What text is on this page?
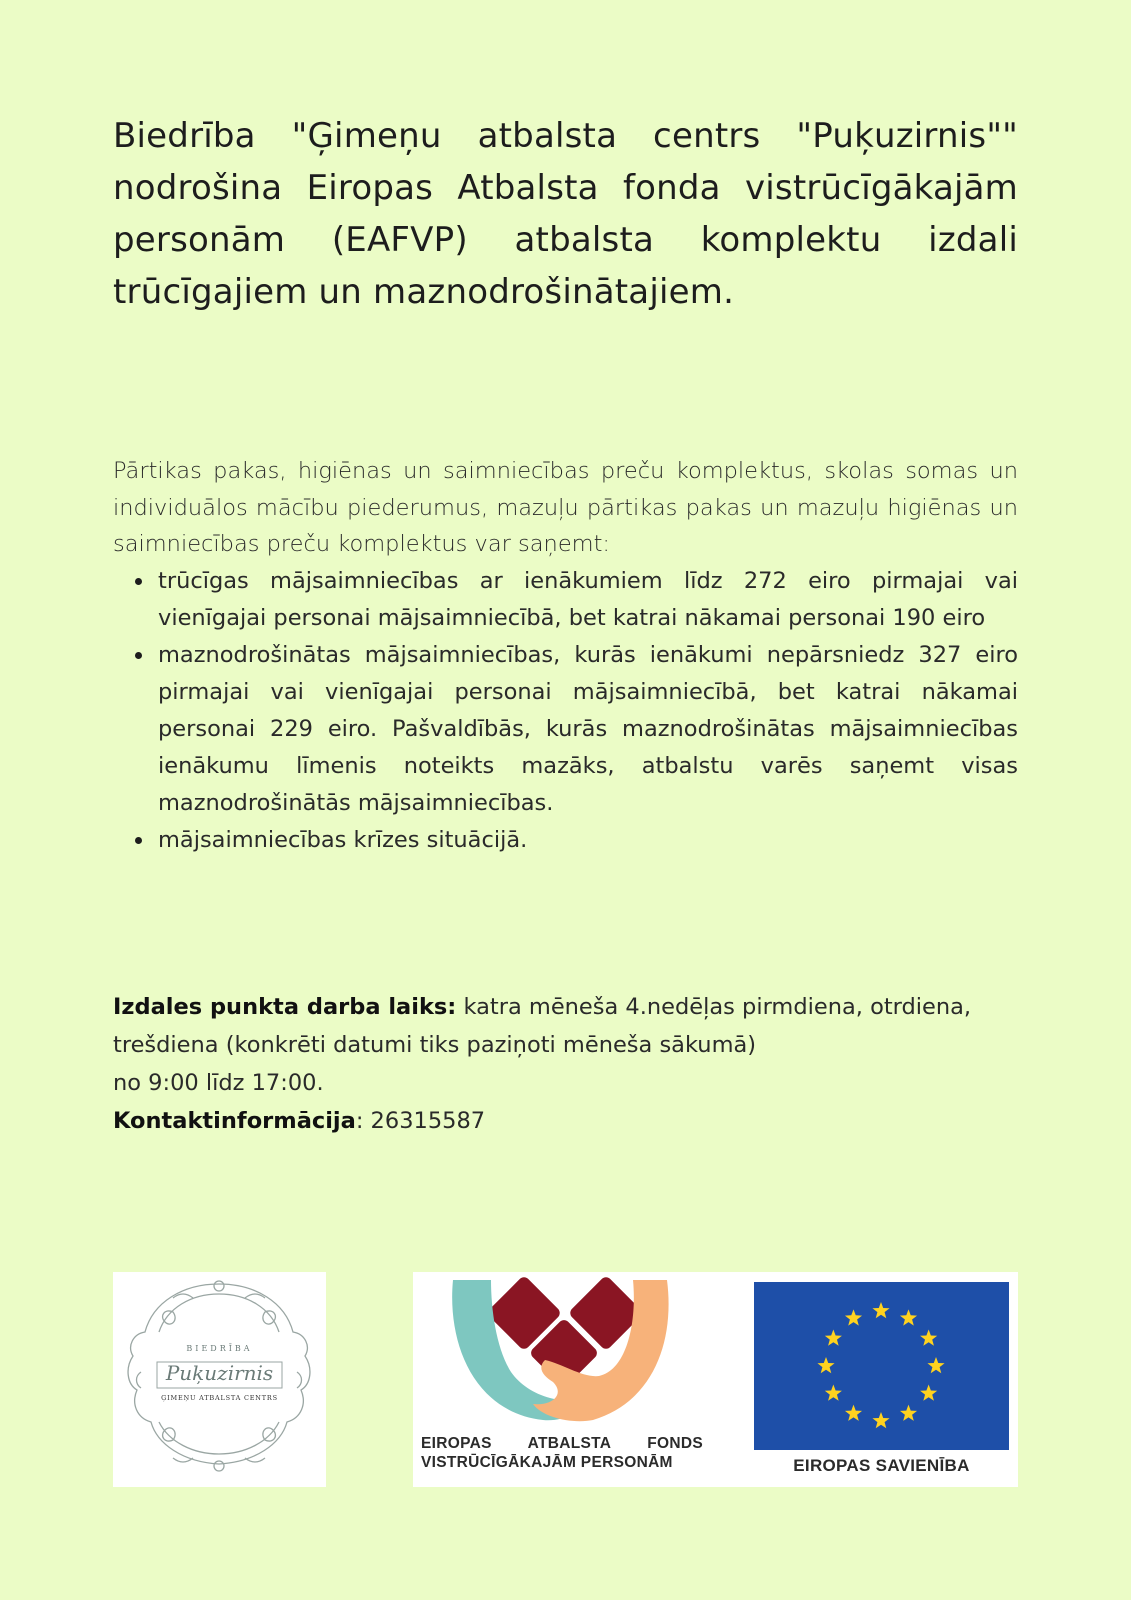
Biedrība "Ģimeņu atbalsta centrs "Puķuzirnis"" nodrošina Eiropas Atbalsta fonda vistrūcīgākajām personām (EAFVP) atbalsta komplektu izdali trūcīgajiem un maznodrošinātajiem.

Pārtikas pakas, higiēnas un saimniecības preču komplektus, skolas somas un individuālos mācību piederumus, mazuļu pārtikas pakas un mazuļu higiēnas un saimniecības preču komplektus var saņemt:

trūcīgas mājsaimniecības ar ienākumiem līdz 272 eiro pirmajai vai vienīgajai personai mājsaimniecībā, bet katrai nākamai personai 190 eiro
maznodrošinātas mājsaimniecības, kurās ienākumi nepārsniedz 327 eiro pirmajai vai vienīgajai personai mājsaimniecībā, bet katrai nākamai personai 229 eiro. Pašvaldībās, kurās maznodrošinātas mājsaimniecības ienākumu līmenis noteikts mazāks, atbalstu varēs saņemt visas maznodrošinātās mājsaimniecības.
mājsaimniecības krīzes situācijā.
Izdales punkta darba laiks: katra mēneša 4.nedēļas pirmdiena, otrdiena, trešdiena (konkrēti datumi tiks paziņoti mēneša sākumā)
no 9:00 līdz 17:00.
Kontaktinformācija: 26315587
BIEDRĪBA
Puķuzirnis
ĢIMEŅU ATBALSTA CENTRS
EIROPAS ATBALSTA FONDS
VISTRŪCĪGĀKAJĀM PERSONĀM	EIROPAS SAVIENĪBA
